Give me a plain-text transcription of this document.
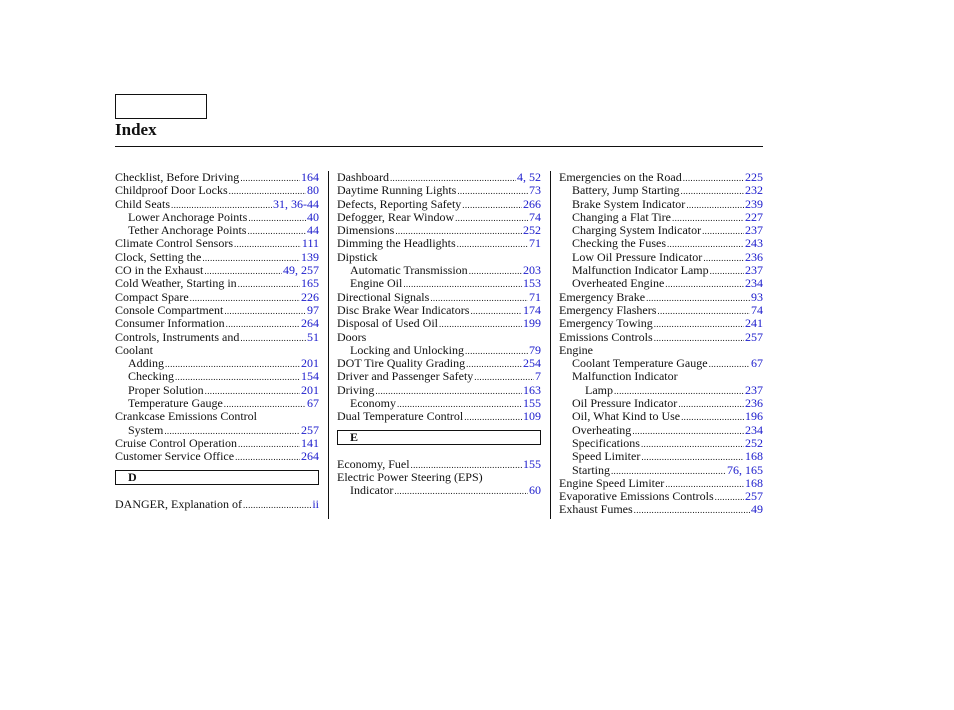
Index
Checklist, Before Driving .....	164
Childproof Door Locks .....	80
Child Seats .....	31, 36-44
Lower Anchorage Points .....	40
Tether Anchorage Points .....	44
Climate Control Sensors .....	111
Clock, Setting the .....	139
CO in the Exhaust .....	49, 257
Cold Weather, Starting in .....	165
Compact Spare .....	226
Console Compartment .....	97
Consumer Information .....	264
Controls, Instruments and .....	51
Coolant
Adding .....	201
Checking .....	154
Proper Solution .....	201
Temperature Gauge .....	67
Crankcase Emissions Control
System .....	257
Cruise Control Operation .....	141
Customer Service Office .....	264
D
DANGER, Explanation of .....	ii
Dashboard .....	4, 52
Daytime Running Lights .....	73
Defects, Reporting Safety .....	266
Defogger, Rear Window .....	74
Dimensions .....	252
Dimming the Headlights .....	71
Dipstick
Automatic Transmission .....	203
Engine Oil .....	153
Directional Signals .....	71
Disc Brake Wear Indicators .....	174
Disposal of Used Oil .....	199
Doors
Locking and Unlocking .....	79
DOT Tire Quality Grading .....	254
Driver and Passenger Safety .....	7
Driving .....	163
Economy .....	155
Dual Temperature Control .....	109
E
Economy, Fuel .....	155
Electric Power Steering (EPS)
Indicator .....	60
Emergencies on the Road .....	225
Battery, Jump Starting .....	232
Brake System Indicator .....	239
Changing a Flat Tire .....	227
Charging System Indicator .....	237
Checking the Fuses .....	243
Low Oil Pressure Indicator .....	236
Malfunction Indicator Lamp .....	237
Overheated Engine .....	234
Emergency Brake .....	93
Emergency Flashers .....	74
Emergency Towing .....	241
Emissions Controls .....	257
Engine
Coolant Temperature Gauge .....	67
Malfunction Indicator
Lamp .....	237
Oil Pressure Indicator .....	236
Oil, What Kind to Use .....	196
Overheating .....	234
Specifications .....	252
Speed Limiter .....	168
Starting .....	76, 165
Engine Speed Limiter .....	168
Evaporative Emissions Controls .....	257
Exhaust Fumes .....	49
